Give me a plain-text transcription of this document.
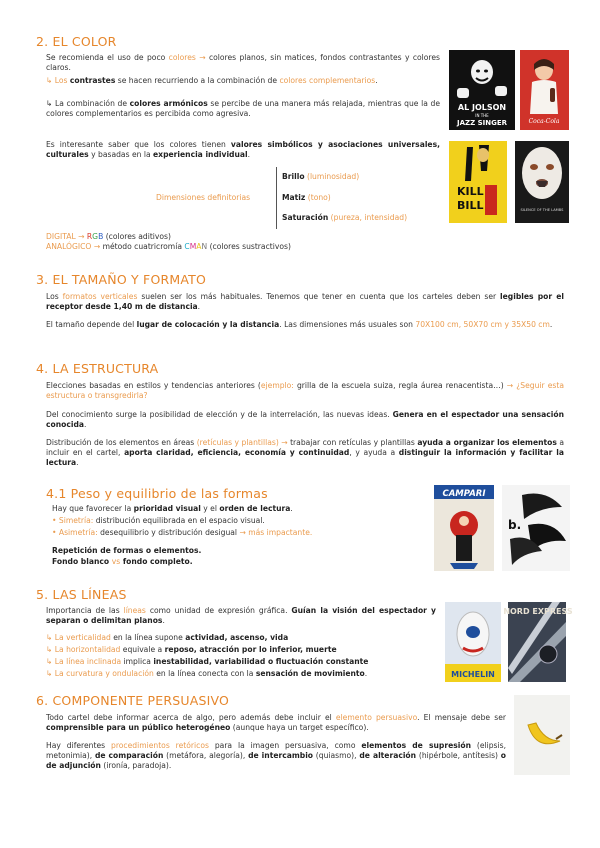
2. EL COLOR
Se recomienda el uso de poco colores → colores planos, sin matices, fondos contrastantes y colores claros.
↳ Los contrastes se hacen recurriendo a la combinación de colores complementarios.
↳ La combinación de colores armónicos se percibe de una manera más relajada, mientras que la de colores complementarios es percibida como agresiva.
AL JOLSON
IN THE
JAZZ SINGER	Coca-Cola
Es interesante saber que los colores tienen valores simbólicos y asociaciones universales, culturales y basadas en la experiencia individual.
Dimensiones definitorias
Brillo (luminosidad)
Matiz (tono)
Saturación (pureza, intensidad)
DIGITAL → RGB (colores aditivos)
ANALÓGICO → método cuatricromía CMAN (colores sustractivos)
KILL
BILL	SILENCE OF THE LAMBS
3. EL TAMAÑO Y FORMATO
Los formatos verticales suelen ser los más habituales. Tenemos que tener en cuenta que los carteles deben ser legibles por el receptor desde 1,40 m de distancia.
El tamaño depende del lugar de colocación y la distancia. Las dimensiones más usuales son 70X100 cm, 50X70 cm y 35X50 cm.
4. LA ESTRUCTURA
Elecciones basadas en estilos y tendencias anteriores (ejemplo: grilla de la escuela suiza, regla áurea renacentista…) → ¿Seguir esta estructura o transgredirla?
Del conocimiento surge la posibilidad de elección y de la interrelación, las nuevas ideas. Genera en el espectador una sensación conocida.
Distribución de los elementos en áreas (retículas y plantillas) → trabajar con retículas y plantillas ayuda a organizar los elementos a incluir en el cartel, aporta claridad, eficiencia, economía y continuidad, y ayuda a distinguir la información y facilitar la lectura.
4.1 Peso y equilibrio de las formas
Hay que favorecer la prioridad visual y el orden de lectura.
• Simetría: distribución equilibrada en el espacio visual.
• Asimetría: desequilibrio y distribución desigual → más impactante.
Repetición de formas o elementos.
Fondo blanco vs fondo completo.
CAMPARI
b.
5. LAS LÍNEAS
Importancia de las líneas como unidad de expresión gráfica. Guían la visión del espectador y separan o delimitan planos.
↳ La verticalidad en la línea supone actividad, ascenso, vida
↳ La horizontalidad equivale a reposo, atracción por lo inferior, muerte
↳ La línea inclinada implica inestabilidad, variabilidad o fluctuación constante
↳ La curvatura y ondulación en la línea conecta con la sensación de movimiento.	MICHELIN
NORD EXPRESS
6. COMPONENTE PERSUASIVO
Todo cartel debe informar acerca de algo, pero además debe incluir el elemento persuasivo. El mensaje debe ser comprensible para un público heterogéneo (aunque haya un target específico).
Hay diferentes procedimientos retóricos para la imagen persuasiva, como elementos de supresión (elipsis, metonimia), de comparación (metáfora, alegoría), de intercambio (quiasmo), de alteración (hipérbole, antítesis) o de adjunción (ironía, paradoja).
